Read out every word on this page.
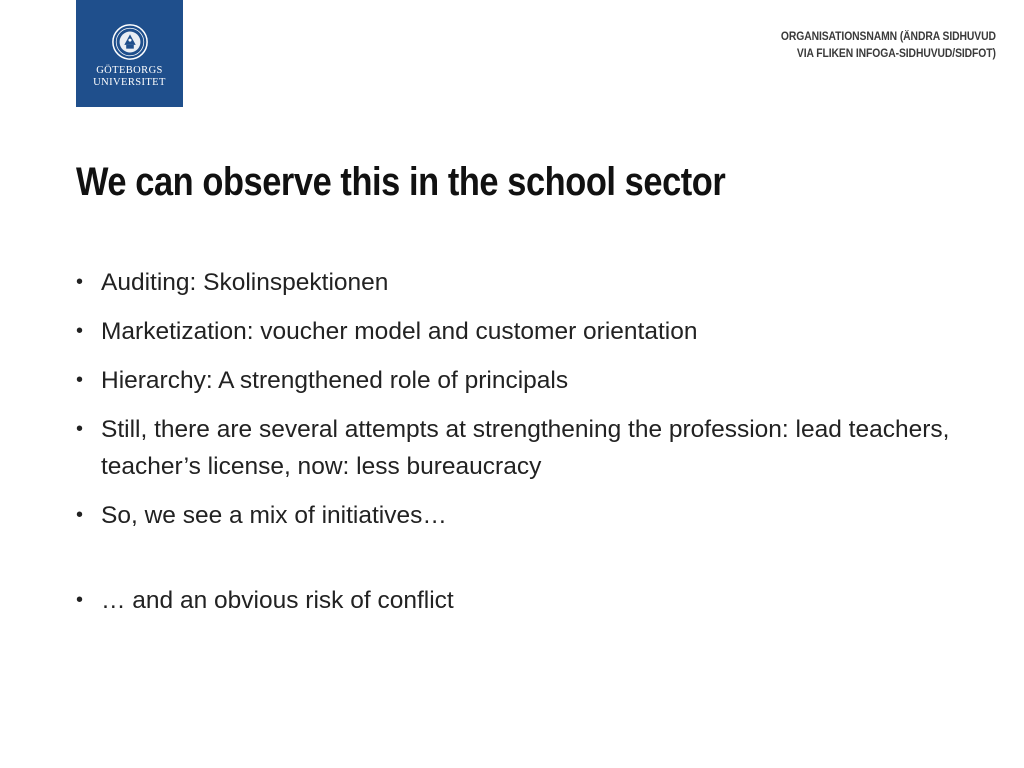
GÖTEBORGS
UNIVERSITET
ORGANISATIONSNAMN (ÄNDRA SIDHUVUD
VIA FLIKEN INFOGA-SIDHUVUD/SIDFOT)
We can observe this in the school sector
• Auditing: Skolinspektionen
• Marketization: voucher model and customer orientation
• Hierarchy: A strengthened role of principals
• Still, there are several attempts at strengthening the profession: lead teachers, teacher’s license, now: less bureaucracy
• So, we see a mix of initiatives…
• … and an obvious risk of conflict
